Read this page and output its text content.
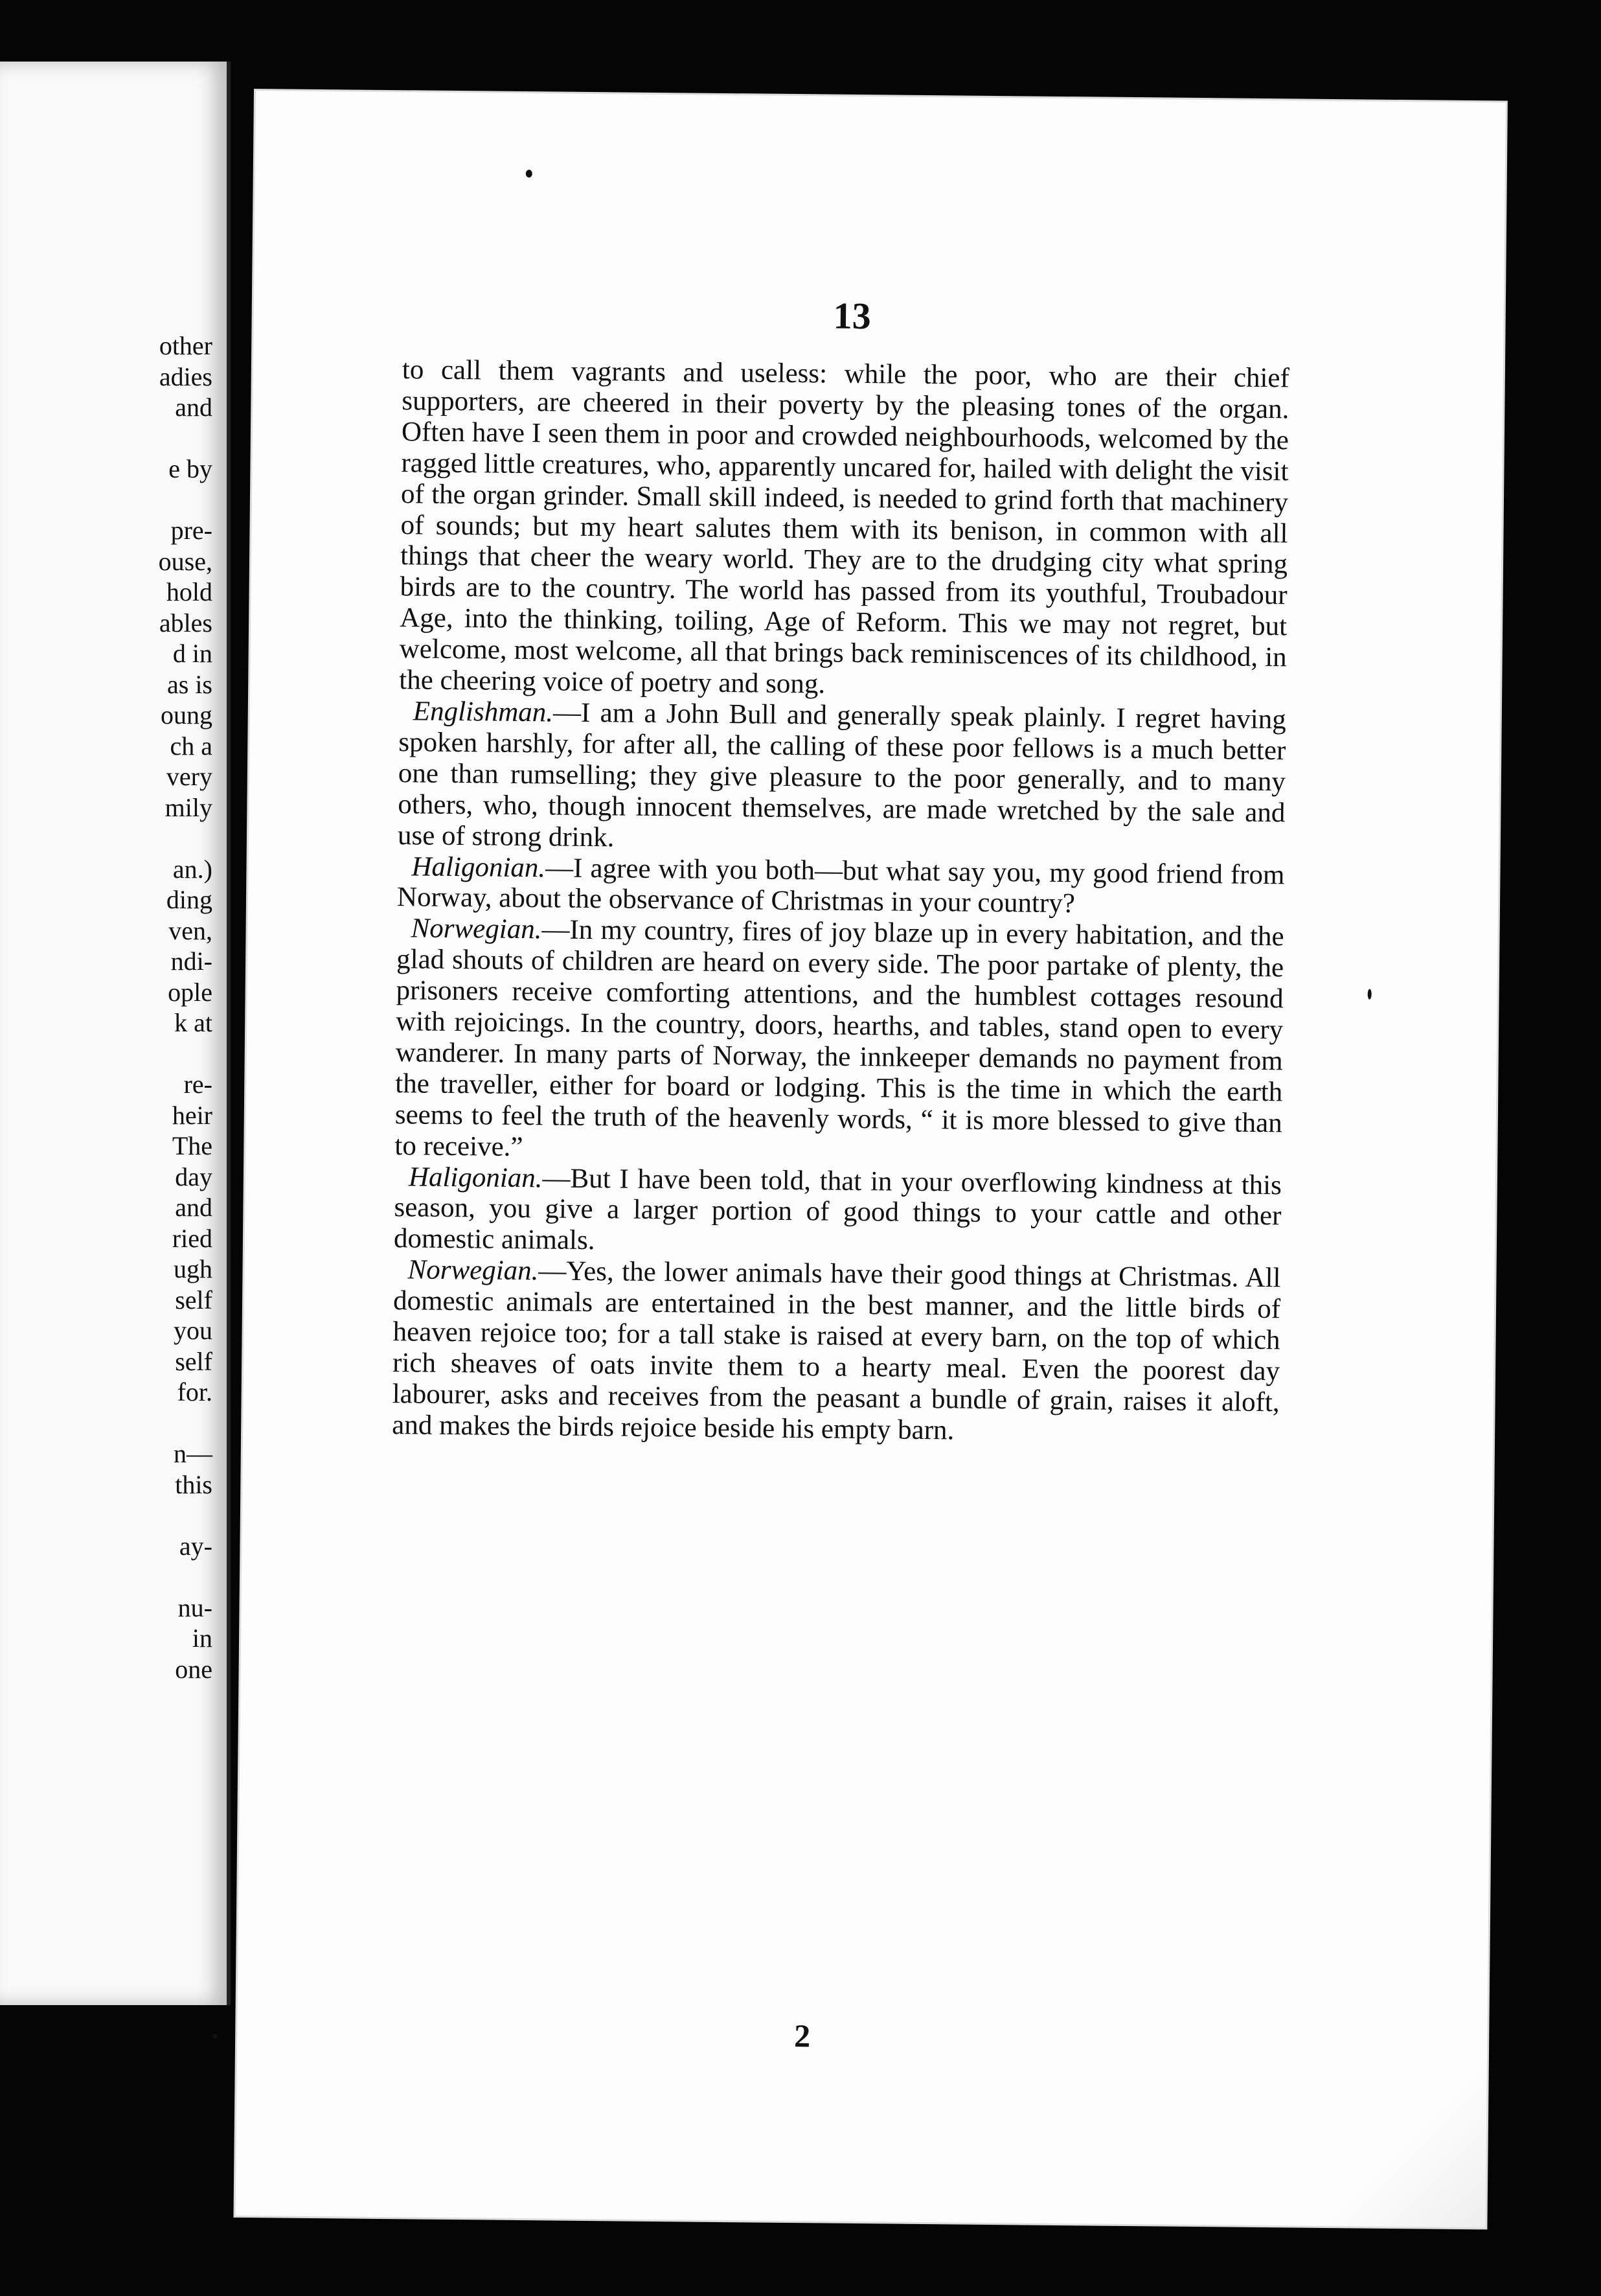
other
adies
and
e by
pre-
ouse,
hold
ables
d in
as is
oung
ch a
very
mily
an.)
ding
ven,
ndi-
ople
k at
re-
heir
The
day
and
ried
ugh
self
you
self
for.
n—
this
ay-
nu-
in
one
13

to call them vagrants and useless: while the poor, who are their chief supporters, are cheered in their poverty by the pleasing tones of the organ. Often have I seen them in poor and crowded neighbourhoods, welcomed by the ragged little creatures, who, apparently uncared for, hailed with delight the visit of the organ grinder. Small skill indeed, is needed to grind forth that machinery of sounds; but my heart salutes them with its benison, in common with all things that cheer the weary world. They are to the drudging city what spring birds are to the country. The world has passed from its youthful, Troubadour Age, into the thinking, toiling, Age of Reform. This we may not regret, but welcome, most welcome, all that brings back reminiscences of its childhood, in the cheering voice of poetry and song.

Englishman.—I am a John Bull and generally speak plainly. I regret having spoken harshly, for after all, the calling of these poor fellows is a much better one than rumselling; they give pleasure to the poor generally, and to many others, who, though innocent themselves, are made wretched by the sale and use of strong drink.

Haligonian.—I agree with you both—but what say you, my good friend from Norway, about the observance of Christmas in your country?

Norwegian.—In my country, fires of joy blaze up in every habitation, and the glad shouts of children are heard on every side. The poor partake of plenty, the prisoners receive comforting attentions, and the humblest cottages resound with rejoicings. In the country, doors, hearths, and tables, stand open to every wanderer. In many parts of Norway, the innkeeper demands no payment from the traveller, either for board or lodging. This is the time in which the earth seems to feel the truth of the heavenly words, “ it is more blessed to give than to receive.”

Haligonian.—But I have been told, that in your overflowing kindness at this season, you give a larger portion of good things to your cattle and other domestic animals.

Norwegian.—Yes, the lower animals have their good things at Christmas. All domestic animals are entertained in the best manner, and the little birds of heaven rejoice too; for a tall stake is raised at every barn, on the top of which rich sheaves of oats invite them to a hearty meal. Even the poorest day labourer, asks and receives from the peasant a bundle of grain, raises it aloft, and makes the birds rejoice beside his empty barn.

2
